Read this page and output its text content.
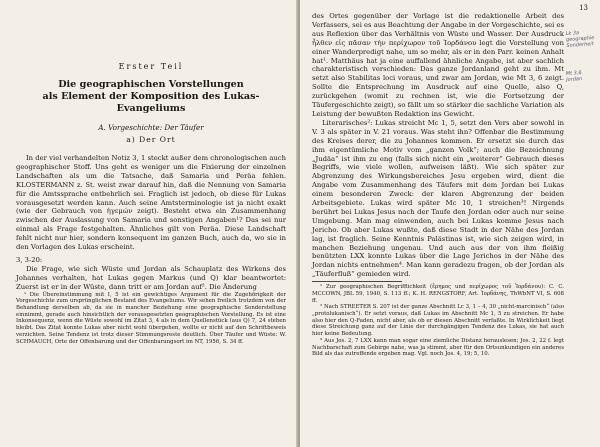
Erster Teil
Die geographischen Vorstellungen
als Element der Komposition des Lukas-Evangeliums
A. Vorgeschichte: Der Täufer
a) Der Ort

In der viel verhandelten Notiz 3, 1 steckt außer dem chronologischen auch geographischer Stoff. Uns geht es weniger um die Fixierung der einzelnen Landschaften als um die Tatsache, daß Samaria und Peräa fehlen. KLOSTERMANN z. St. weist zwar darauf hin, daß die Nennung von Samaria für die Amtssprache entbehrlich sei. Fraglich ist jedoch, ob diese für Lukas vorausgesetzt werden kann. Auch seine Amtsterminologie ist ja nicht exakt (wie der Gebrauch von ἡγεμών zeigt). Besteht etwa ein Zusammenhang zwischen der Auslassung von Samaria und sonstigen Angaben¹? Das sei nur einmal als Frage festgehalten. Ähnliches gilt von Peräa. Diese Landschaft fehlt nicht nur hier, sondern konsequent im ganzen Buch, auch da, wo sie in den Vorlagen des Lukas erscheint.

3, 3-20:

Die Frage, wie sich Wüste und Jordan als Schauplatz des Wirkens des Johannes verhalten, hat Lukas gegen Markus (und Q) klar beantwortet: Zuerst ist er in der Wüste, dann tritt er am Jordan auf². Die Änderung

¹ Die Übereinstimmung mit I, 5 ist ein gewichtiges Argument für die Zugehörigkeit der Vorgeschichte zum ursprünglichen Bestand des Evangeliums. Wir sehen freilich trotzdem von der Behandlung derselben ab, da sie in mancher Beziehung eine geographische Sonderstellung einnimmt, gerade auch hinsichtlich der vorausgesetzten geographischen Vorstellung. Es ist eine Inkonsequenz, wenn die Wüste sowohl im Zitat 3, 4 als in dem Quellenstück (aus Q) 7, 24 stehen bleibt. Das Zitat konnte Lukas aber nicht wohl übergehen, wollte er nicht auf den Schriftbeweis verzichten. Seine Tendenz ist trotz dieser Stimmungsreste deutlich. Über Täufer und Wüste: W. SCHMAUCH, Orte der Offenbarung und der Offenbarungsort im NT, 1956, S. 34 ff.

13

des Ortes gegenüber der Vorlage ist die redaktionelle Arbeit des Verfassers, sei es aus Beachtung der Angabe in der Vorgeschichte, sei es aus Reflexion über das Verhältnis von Wüste und Wasser. Der Ausdruck ἦλθεν εἰς πᾶσαν τὴν περίχωρον τοῦ Ἰορδάνου legt die Vorstellung von einer Wanderpredigt nahe, um so mehr, als er in den Parr. keinen Anhalt hat¹. Matthäus hat ja eine auffallend ähnliche Angabe, ist aber sachlich charakteristisch verschieden: Das ganze Jordanland geht zu ihm. Mt setzt also Stabilitas loci voraus, und zwar am Jordan, wie Mt 3, 6 zeigt. Sollte die Entsprechung im Ausdruck auf eine Quelle, also Q, zurückgehen (womit zu rechnen ist, wie die Fortsetzung der Täufergeschichte zeigt), so fällt um so stärker die sachliche Variation als Leistung der bewußten Redaktion ins Gewicht.

Literarisches²: Lukas streicht Mc 1, 5, setzt den Vers aber sowohl in V. 3 als später in V. 21 voraus. Was steht ihn? Offenbar die Bestimmung des Kreises derer, die zu Johannes kommen. Er ersetzt sie durch das ihm eigentümliche Motiv vom „ganzen Volk“; auch die Bezeichnung „Judäa“ ist ihm zu eng (falls sich nicht ein „weiterer“ Gebrauch dieses Begriffs, wie viele wollen, aufweisen läßt). Wie sich später zur Abgrenzung des Wirkungsbereiches Jesu ergeben wird, dient die Angabe vom Zusammenhang des Täufers mit dem Jordan bei Lukas einem besonderen Zweck: der klaren Abgrenzung der beiden Arbeitsgebiete. Lukas wird später Mc 10, 1 streichen³! Nirgends berührt bei Lukas Jesus nach der Taufe den Jordan oder auch nur seine Umgebung. Man mag einwenden, auch bei Lukas komme Jesus nach Jericho. Ob aber Lukas wußte, daß diese Stadt in der Nähe des Jordan lag, ist fraglich. Seine Kenntnis Palästinas ist, wie sich zeigen wird, in manchen Beziehung ungenau. Und auch aus der von ihm fleißig benützten LXX konnte Lukas über die Lage Jerichos in der Nähe des Jordan nichts entnehmen⁴. Man kann geradezu fragen, ob der Jordan als „Täuferfluß“ gemieden wird.

¹ Zur geographischen Begrifflichkeit (ἔρημος und περίχωρος τοῦ Ἰορδάνου): C. C. MCCOWN, JBL 59, 1940, S. 113 ff.; K. H. RENGSTORF, Art. Ἰορδάνης, ThWbNT VI, S. 608 ff.

² Nach STREETER S. 207 ist der ganze Abschnitt Lc 3, 1 – 4, 30 „nicht-marcinisch“ (also „protolukanisch“). Er setzt voraus, daß Lukas im Abschnitt Mc 1, 5 zu streichen. Er habe also hier den Q-Faden, nicht aber, als ob er diesen Abschnitt verfaßte. In Wirklichkeit liegt diese Streichung ganz auf der Linie der durchgängigen Tendenz des Lukas, sie hat auch hier keine Bedeutung.

³ Aus Jos. 2, 7 LXX kann man sogar eine ziemliche Distanz herauslesen; Jos. 2, 22 f. legt Nachbarschaft zum Gebirge nahe, was ja stimmt, aber für den Ortsunkundigen ein anderes Bild als das zutreffende ergeben mag. Vgl. noch Jos. 4, 19; 5, 10.

Lk 3a geographie Sonderheit
Mt 3,6 Jordan
